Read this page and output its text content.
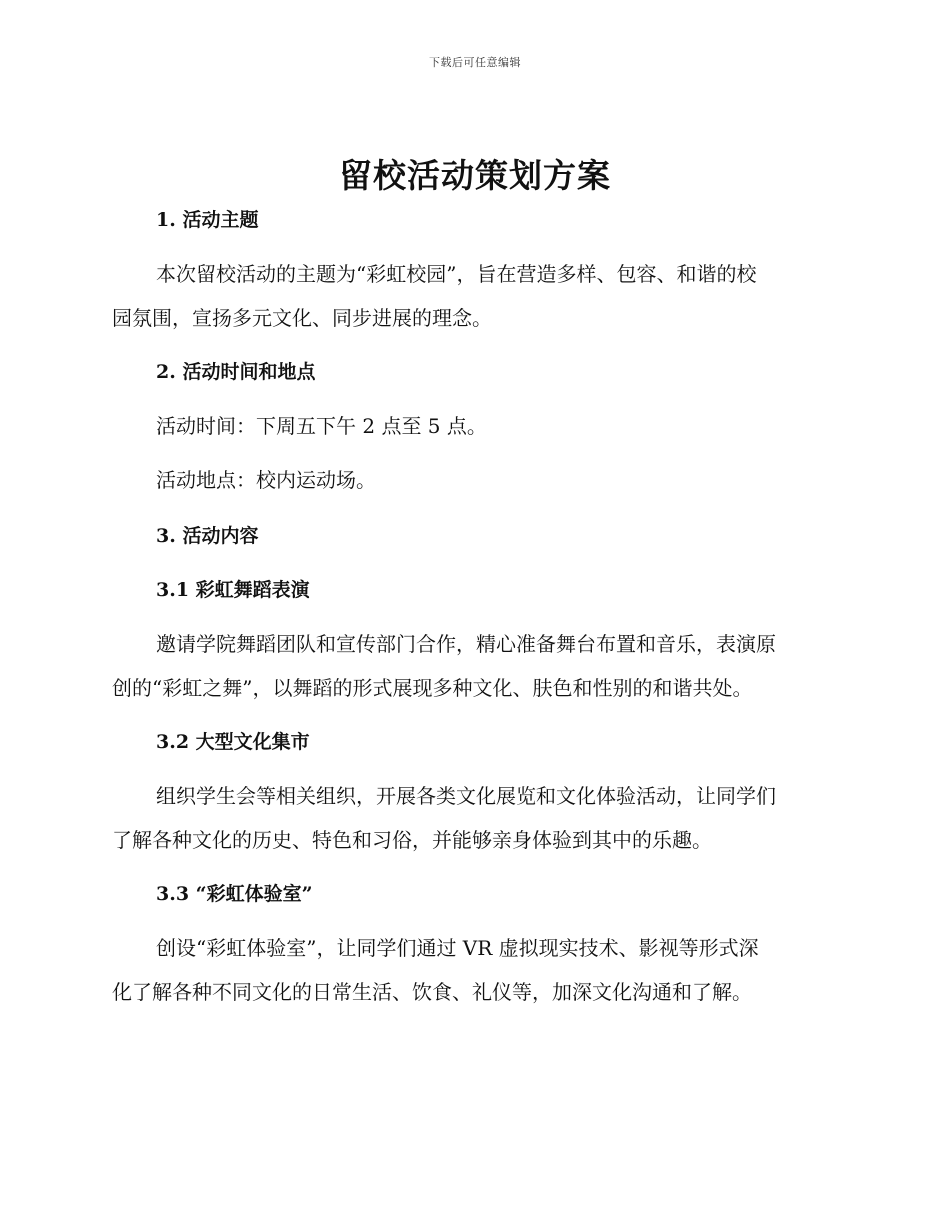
下载后可任意编辑
留校活动策划方案
1. 活动主题
本次留校活动的主题为“彩虹校园”，旨在营造多样、包容、和谐的校
园氛围，宣扬多元文化、同步进展的理念。
2. 活动时间和地点
活动时间：下周五下午 2 点至 5 点。
活动地点：校内运动场。
3. 活动内容
3.1 彩虹舞蹈表演
邀请学院舞蹈团队和宣传部门合作，精心准备舞台布置和音乐，表演原
创的“彩虹之舞”，以舞蹈的形式展现多种文化、肤色和性别的和谐共处。
3.2 大型文化集市
组织学生会等相关组织，开展各类文化展览和文化体验活动，让同学们
了解各种文化的历史、特色和习俗，并能够亲身体验到其中的乐趣。
3.3 “彩虹体验室”
创设“彩虹体验室”，让同学们通过 VR 虚拟现实技术、影视等形式深
化了解各种不同文化的日常生活、饮食、礼仪等，加深文化沟通和了解。
